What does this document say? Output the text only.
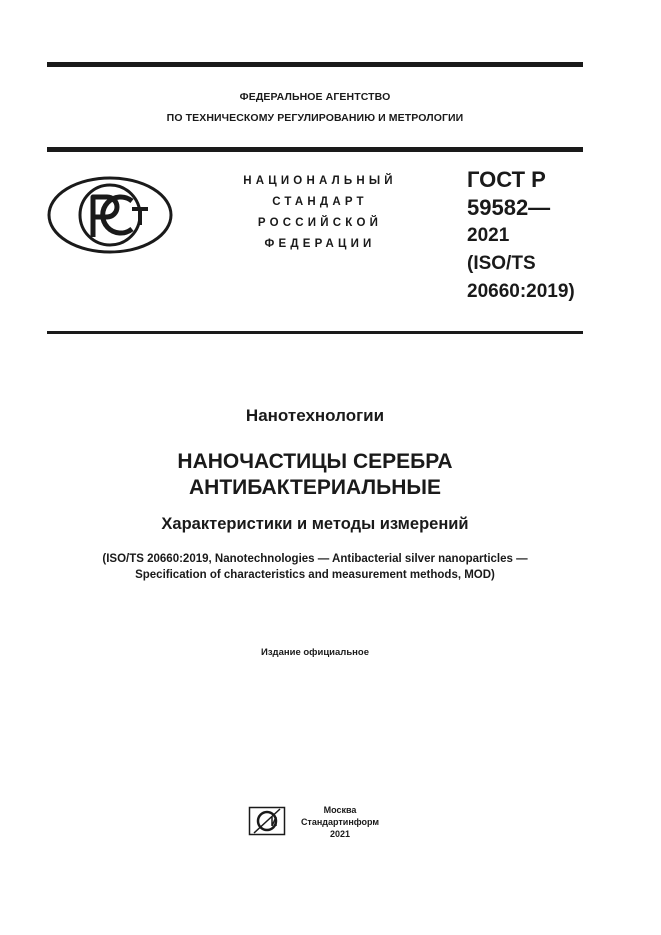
ФЕДЕРАЛЬНОЕ АГЕНТСТВО
ПО ТЕХНИЧЕСКОМУ РЕГУЛИРОВАНИЮ И МЕТРОЛОГИИ
НАЦИОНАЛЬНЫЙ
СТАНДАРТ
РОССИЙСКОЙ
ФЕДЕРАЦИИ
ГОСТ Р
59582—
2021
(ISO/TS
20660:2019)
Нанотехнологии
НАНОЧАСТИЦЫ СЕРЕБРА
АНТИБАКТЕРИАЛЬНЫЕ
Характеристики и методы измерений
(ISO/TS 20660:2019, Nanotechnologies — Antibacterial silver nanoparticles —
Specification of characteristics and measurement methods, MOD)
Издание официальное
Москва
Стандартинформ
2021
